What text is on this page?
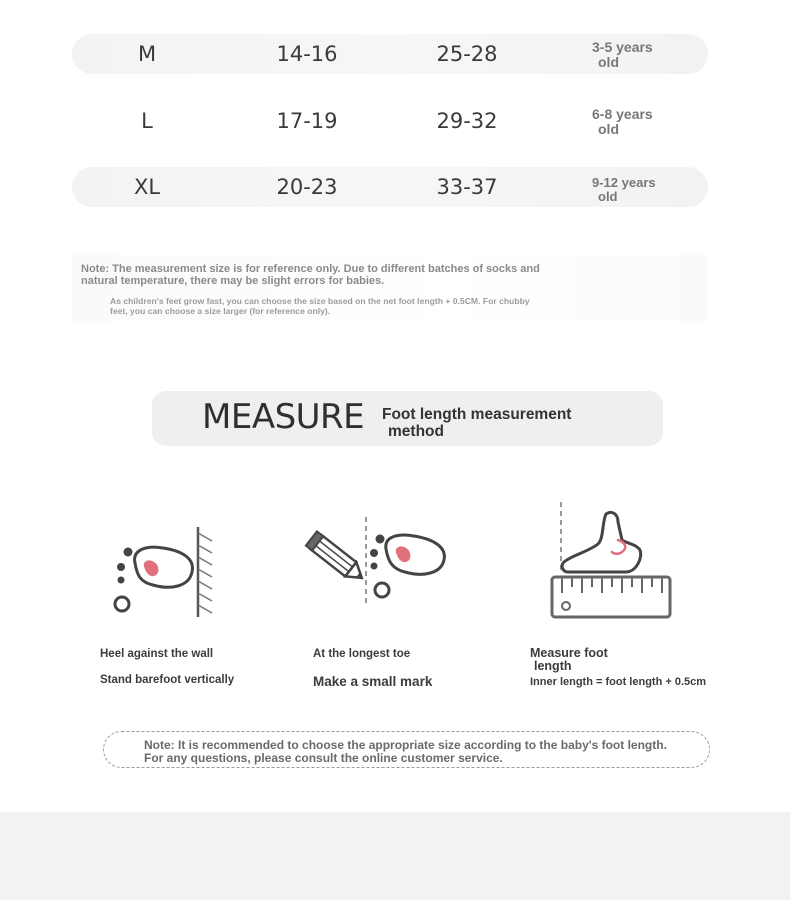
M	14-16	25-28	3-5 years
old
L	17-19	29-32	6-8 years
old
XL	20-23	33-37	9-12 years
old
Note: The measurement size is for reference only. Due to different batches of socks and natural temperature, there may be slight errors for babies.
As children's feet grow fast, you can choose the size based on the net foot length + 0.5CM. For chubby feet, you can choose a size larger (for reference only).
MEASURE Foot length measurement
method
Heel against the wall
Stand barefoot vertically
At the longest toe
Make a small mark
Measure foot
length
Inner length = foot length + 0.5cm
Note: It is recommended to choose the appropriate size according to the baby's foot length. For any questions, please consult the online customer service.
